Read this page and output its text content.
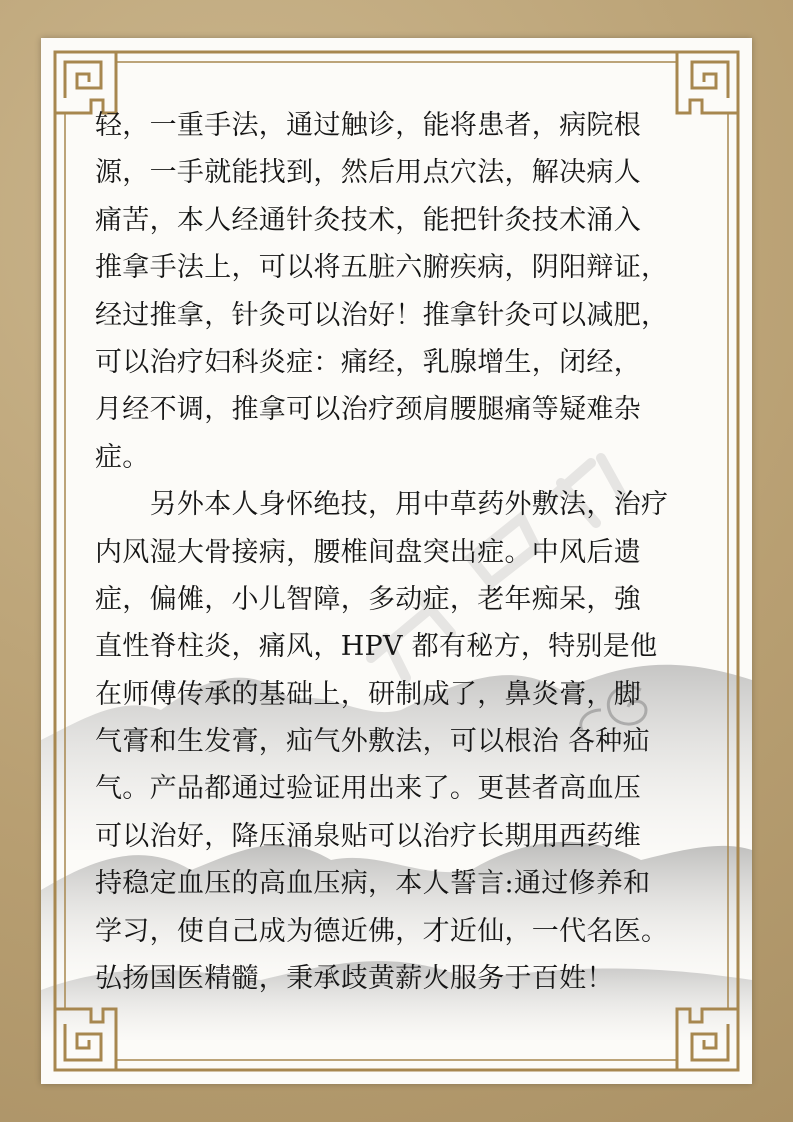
轻，一重手法，通过触诊，能将患者，病院根
源，一手就能找到，然后用点穴法，解决病人
痛苦，本人经通针灸技术，能把针灸技术涌入
推拿手法上，可以将五脏六腑疾病，阴阳辩证，
经过推拿，针灸可以治好！推拿针灸可以减肥，
可以治疗妇科炎症：痛经，乳腺增生，闭经，
月经不调，推拿可以治疗颈肩腰腿痛等疑难杂
症。
　　另外本人身怀绝技，用中草药外敷法，治疗
内风湿大骨接病，腰椎间盘突出症。中风后遗
症，偏傩，小儿智障，多动症，老年痴呆，強
直性脊柱炎，痛风，HPV 都有秘方，特别是他
在师傅传承的基础上，研制成了，鼻炎膏，脚
气膏和生发膏，疝气外敷法，可以根治 各种疝
气。产品都通过验证用出来了。更甚者高血压
可以治好，降压涌泉贴可以治疗长期用西药维
持稳定血压的高血压病，本人誓言:通过修养和
学习，使自己成为德近佛，才近仙，一代名医。
弘扬国医精髓，秉承歧黄薪火服务于百姓！
